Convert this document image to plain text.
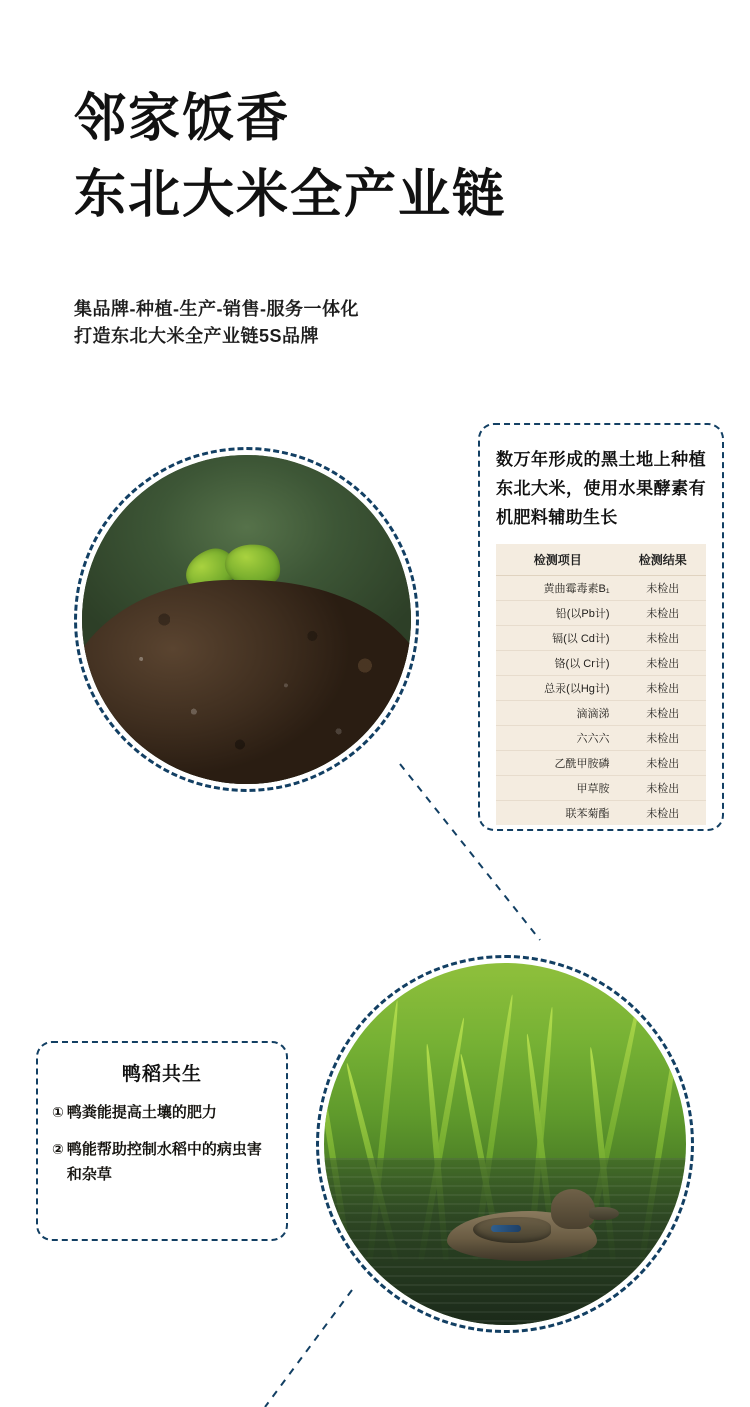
邻家饭香
东北大米全产业链
集品牌-种植-生产-销售-服务一体化
打造东北大米全产业链5S品牌
数万年形成的黑土地上种植东北大米，使用水果酵素有机肥料辅助生长
检测项目	检测结果
黄曲霉毒素B₁	未检出
铅(以Pb计)	未检出
镉(以 Cd计)	未检出
铬(以 Cr计)	未检出
总汞(以Hg计)	未检出
滴滴涕	未检出
六六六	未检出
乙酰甲胺磷	未检出
甲草胺	未检出
联苯菊酯	未检出
鸭稻共生
① 鸭粪能提高土壤的肥力
② 鸭能帮助控制水稻中的病虫害和杂草
